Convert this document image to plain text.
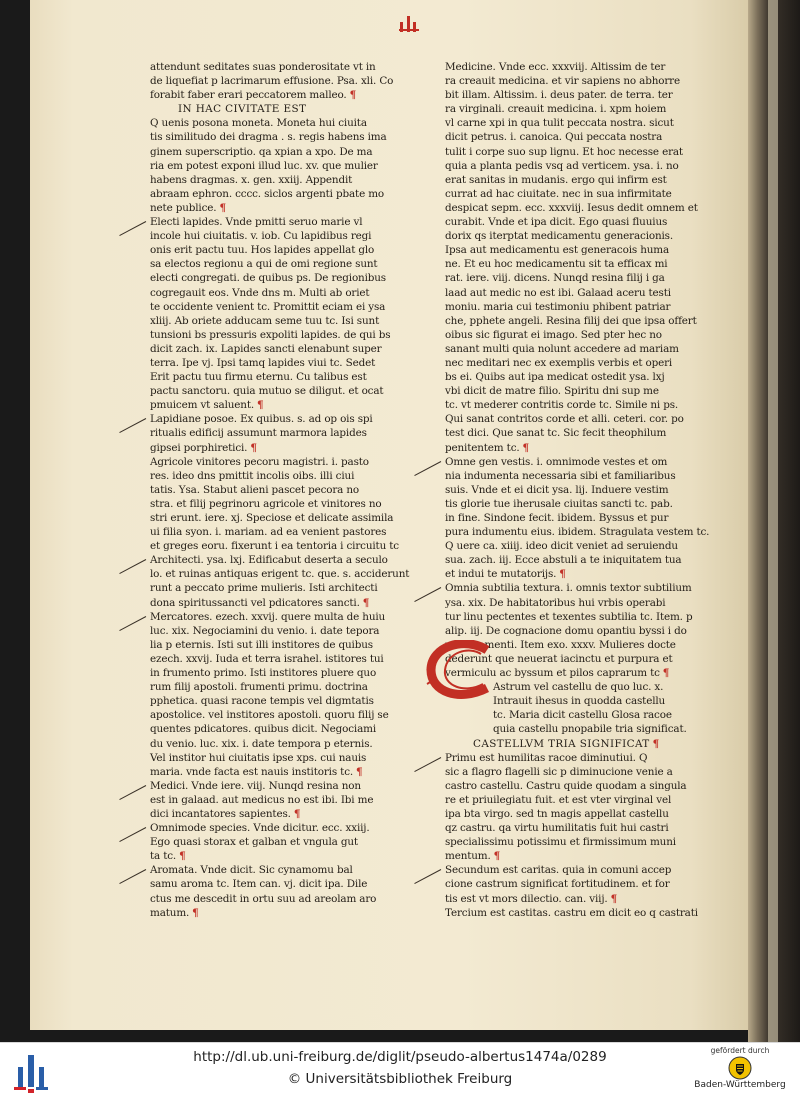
attendunt seditates suas ponderositate vt in
de liquefiat p lacrimarum effusione. Psa. xli. Co
forabit faber erari peccatorem malleo. ¶
IN HAC CIVITATE EST
Q uenis posona moneta. Moneta hui ciuita
tis similitudo dei dragma . s. regis habens ima
ginem superscriptio. qa xpian a xpo. De ma
ria em potest exponi illud luc. xv. que mulier
habens dragmas. x. gen. xxiij. Appendit
abraam ephron. cccc. siclos argenti pbate mo
nete publice. ¶
Electi lapides. Vnde pmitti seruo marie vl
incole hui ciuitatis. v. iob. Cu lapidibus regi
onis erit pactu tuu. Hos lapides appellat glo
sa electos regionu a qui de omi regione sunt
electi congregati. de quibus ps. De regionibus
cogregauit eos. Vnde dns m. Multi ab oriet
te occidente venient tc. Promittit eciam ei ysa
xliij. Ab oriete adducam seme tuu tc. Isi sunt
tunsioni bs pressuris expoliti lapides. de qui bs
dicit zach. ix. Lapides sancti elenabunt super
terra. Ipe vj. Ipsi tamq lapides viui tc. Sedet
Erit pactu tuu firmu eternu. Cu talibus est
pactu sanctoru. quia mutuo se diligut. et ocat
pmuicem vt saluent. ¶
Lapidiane posoe. Ex quibus. s. ad op ois spi
ritualis edificij assumunt marmora lapides
gipsei porphiretici. ¶
Agricole vinitores pecoru magistri. i. pasto
res. ideo dns pmittit incolis oibs. illi ciui
tatis. Ysa. Stabut alieni pascet pecora no
stra. et filij pegrinoru agricole et vinitores no
stri erunt. iere. xj. Speciose et delicate assimila
ui filia syon. i. mariam. ad ea venient pastores
et greges eoru. fixerunt i ea tentoria i circuitu tc
Architecti. ysa. lxj. Edificabut deserta a seculo
lo. et ruinas antiquas erigent tc. que. s. acciderunt
runt a peccato prime mulieris. Isti architecti
dona spiritussancti vel pdicatores sancti. ¶
Mercatores. ezech. xxvij. quere multa de huiu
luc. xix. Negociamini du venio. i. date tepora
lia p eternis. Isti sut illi institores de quibus
ezech. xxvij. Iuda et terra israhel. istitores tui
in frumento primo. Isti institores pluere quo
rum filij apostoli. frumenti primu. doctrina
pphetica. quasi racone tempis vel digmtatis
apostolice. vel institores apostoli. quoru filij se
quentes pdicatores. quibus dicit. Negociami
du venio. luc. xix. i. date tempora p eternis.
Vel institor hui ciuitatis ipse xps. cui nauis
maria. vnde facta est nauis institoris tc. ¶
Medici. Vnde iere. viij. Nunqd resina non
est in galaad. aut medicus no est ibi. Ibi me
dici incantatores sapientes. ¶
Omnimode species. Vnde dicitur. ecc. xxiij.
Ego quasi storax et galban et vngula gut
ta tc. ¶
Aromata. Vnde dicit. Sic cynamomu bal
samu aroma tc. Item can. vj. dicit ipa. Dile
ctus me descedit in ortu suu ad areolam aro
matum. ¶
Medicine. Vnde ecc. xxxviij. Altissim de ter
ra creauit medicina. et vir sapiens no abhorre
bit illam. Altissim. i. deus pater. de terra. ter
ra virginali. creauit medicina. i. xpm hoiem
vl carne xpi in qua tulit peccata nostra. sicut
dicit petrus. i. canoica. Qui peccata nostra
tulit i corpe suo sup lignu. Et hoc necesse erat
quia a planta pedis vsq ad verticem. ysa. i. no
erat sanitas in mudanis. ergo qui infirm est
currat ad hac ciuitate. nec in sua infirmitate
despicat sepm. ecc. xxxviij. Iesus dedit omnem et
curabit. Vnde et ipa dicit. Ego quasi fluuius
dorix qs iterptat medicamentu generacionis.
Ipsa aut medicamentu est generacois huma
ne. Et eu hoc medicamentu sit ta efficax mi
rat. iere. viij. dicens. Nunqd resina filij i ga
laad aut medic no est ibi. Galaad aceru testi
moniu. maria cui testimoniu phibent patriar
che, pphete angeli. Resina filij dei que ipsa offert
oibus sic figurat ei imago. Sed pter hec no
sanant multi quia nolunt accedere ad mariam
nec meditari nec ex exemplis verbis et operi
bs ei. Quibs aut ipa medicat ostedit ysa. lxj
vbi dicit de matre filio. Spiritu dni sup me
tc. vt mederer contritis corde tc. Simile ni ps.
Qui sanat contritos corde et alli. ceteri. cor. po
test dici. Que sanat tc. Sic fecit theophilum
penitentem tc. ¶
Omne gen vestis. i. omnimode vestes et om
nia indumenta necessaria sibi et familiaribus
suis. Vnde et ei dicit ysa. lij. Induere vestim
tis glorie tue iherusale ciuitas sancti tc. pab.
in fine. Sindone fecit. ibidem. Byssus et pur
pura indumentu eius. ibidem. Stragulata vestem tc.
Q uere ca. xiiij. ideo dicit veniet ad seruiendu
sua. zach. iij. Ecce abstuli a te iniquitatem tua
et indui te mutatorijs. ¶
Omnia subtilia textura. i. omnis textor subtilium
ysa. xix. De habitatoribus hui vrbis operabi
tur linu pectentes et texentes subtilia tc. Item. p
alip. iij. De cognacione domu opantiu byssi i do
mo iuramenti. Item exo. xxxv. Mulieres docte
dederunt que neuerat iacinctu et purpura et
vermiculu ac byssum et pilos caprarum tc ¶
Astrum vel castellu de quo luc. x.
Intrauit ihesus in quodda castellu
tc. Maria dicit castellu Glosa racoe
quia castellu pnopabile tria significat.
CASTELLVM TRIA SIGNIFICAT ¶
Primu est humilitas racoe diminutiui. Q
sic a flagro flagelli sic p diminucione venie a
castro castellu. Castru quide quodam a singula
re et priuilegiatu fuit. et est vter virginal vel
ipa bta virgo. sed tn magis appellat castellu
qz castru. qa virtu humilitatis fuit hui castri
specialissimu potissimu et firmissimum muni
mentum. ¶
Secundum est caritas. quia in comuni accep
cione castrum significat fortitudinem. et for
tis est vt mors dilectio. can. viij. ¶
Tercium est castitas. castru em dicit eo q castrati
http://dl.ub.uni-freiburg.de/diglit/pseudo-albertus1474a/0289
© Universitätsbibliothek Freiburg
gefördert durch
Baden-Württemberg
